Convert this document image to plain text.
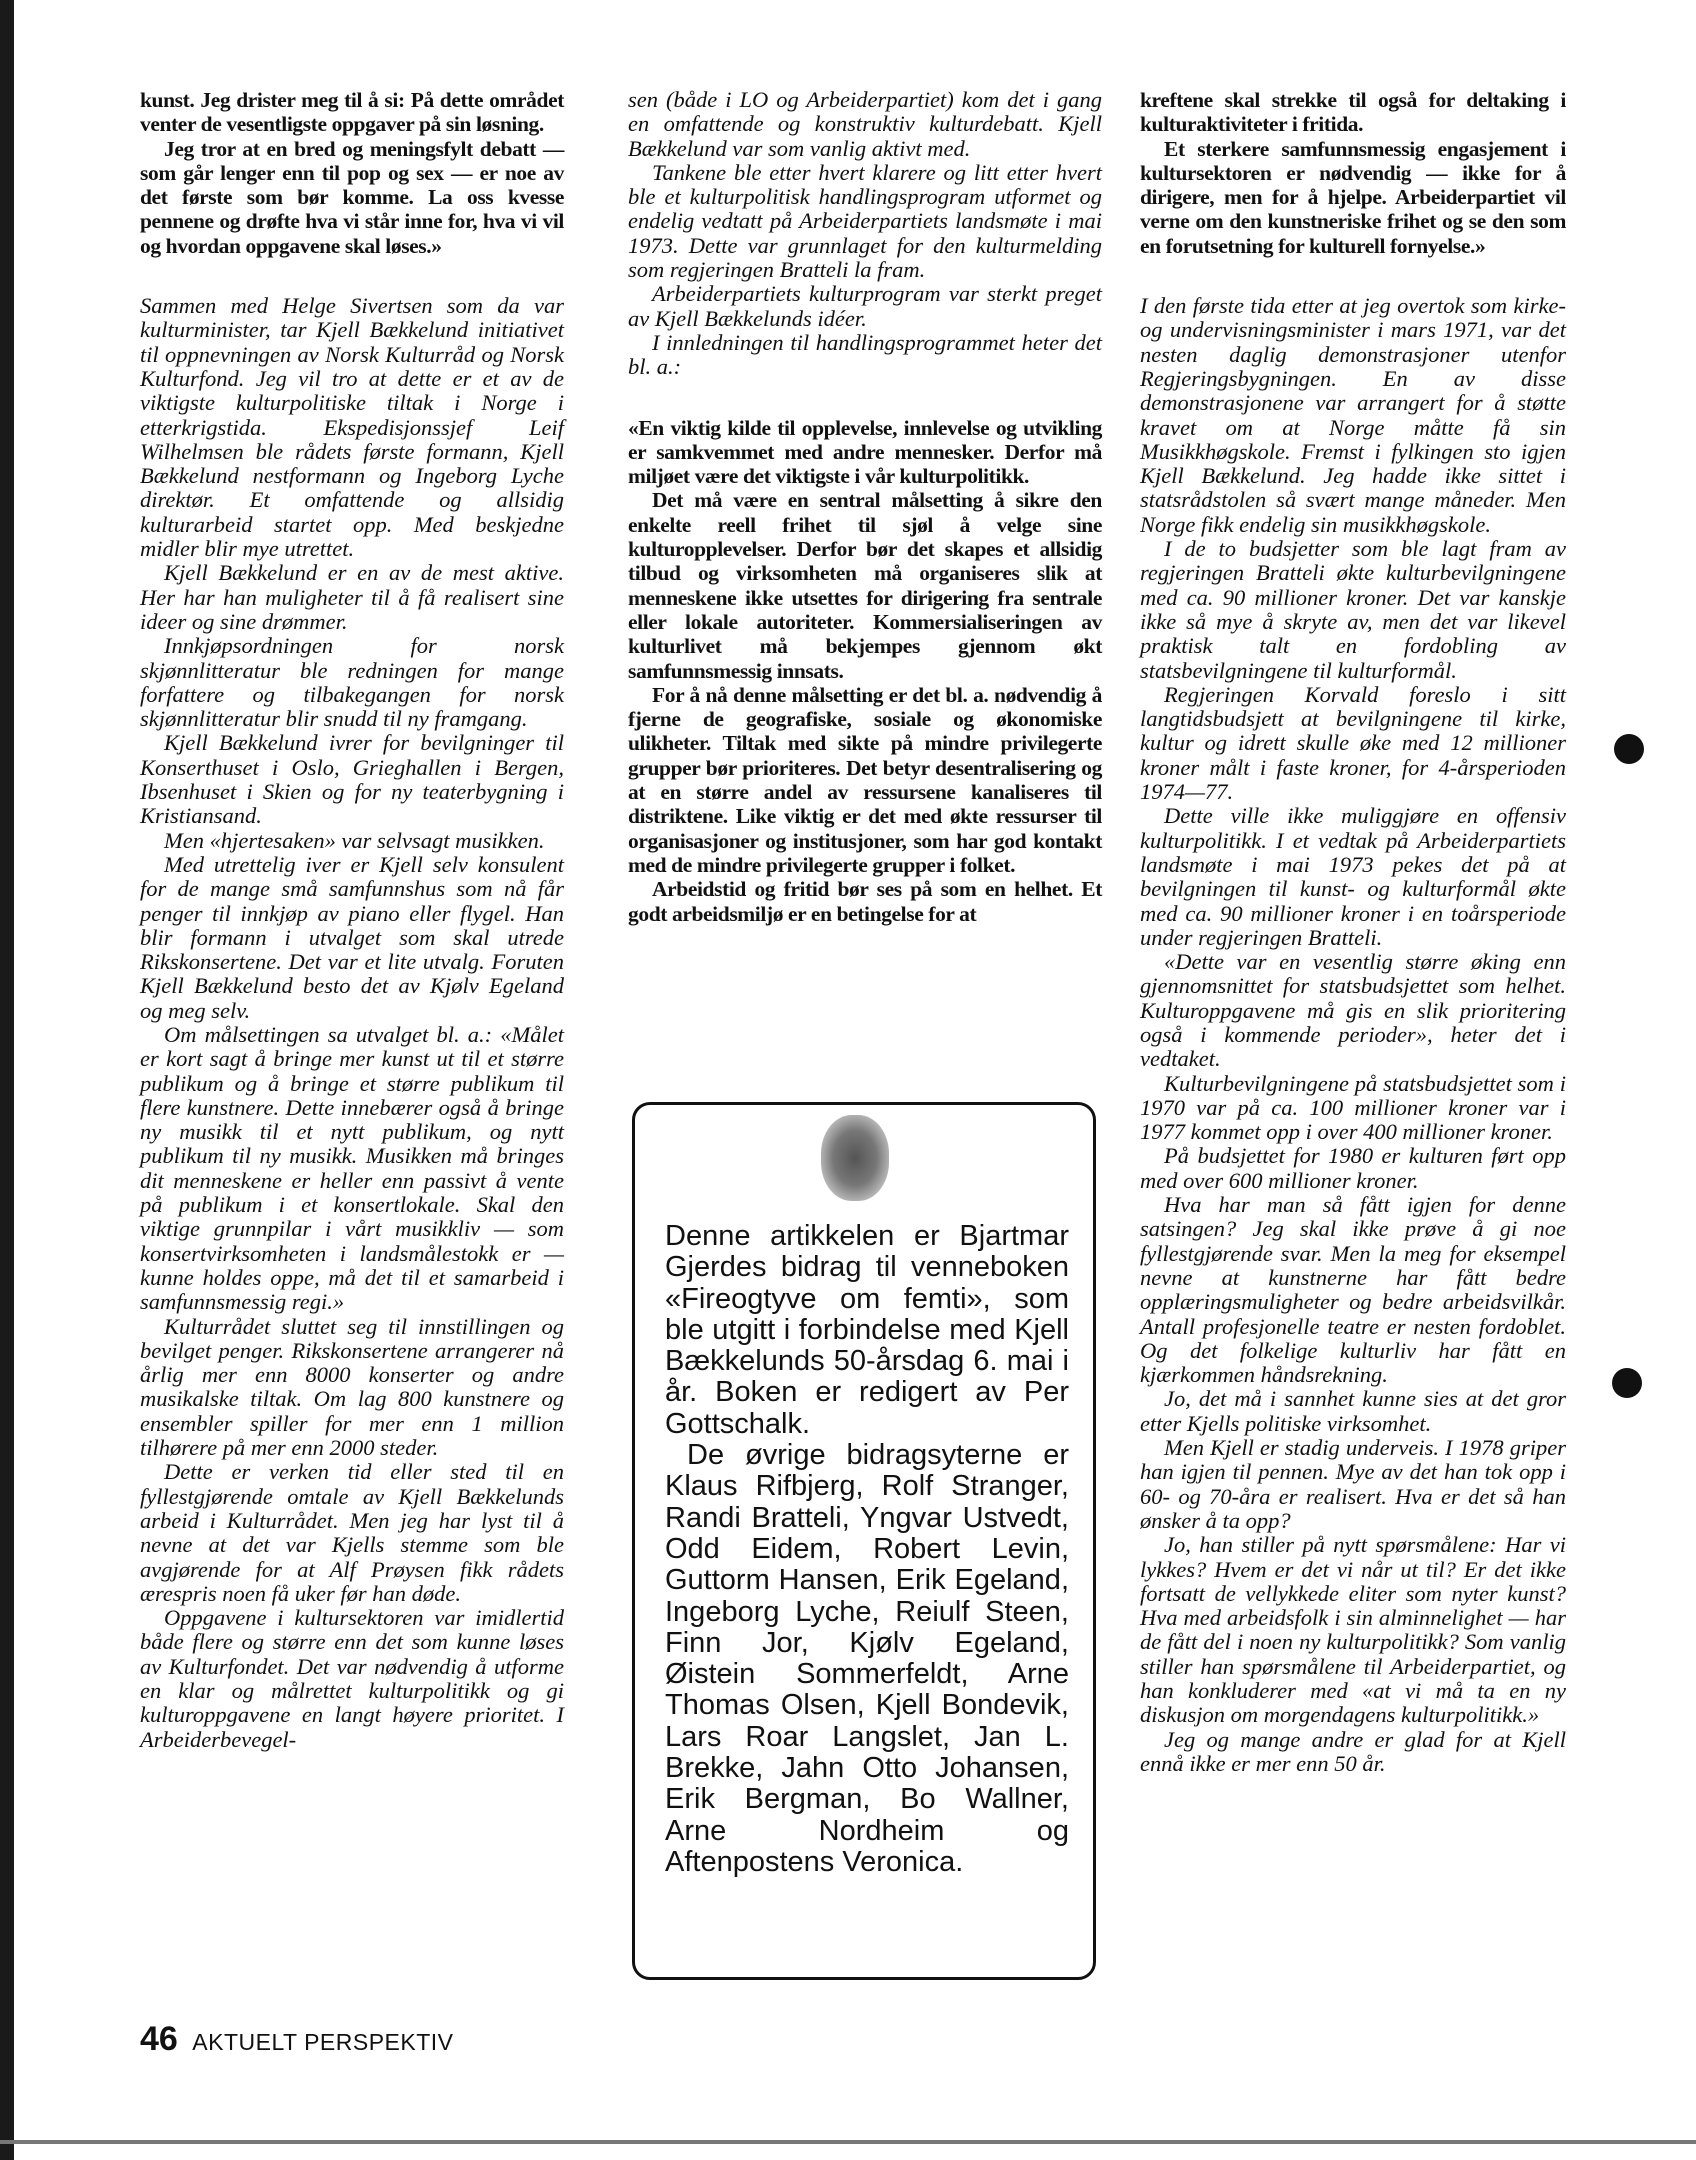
kunst. Jeg drister meg til å si: På dette området venter de vesentligste oppgaver på sin løsning.

Jeg tror at en bred og meningsfylt debatt — som går lenger enn til pop og sex — er noe av det første som bør komme. La oss kvesse pennene og drøfte hva vi står inne for, hva vi vil og hvordan oppgavene skal løses.»

Sammen med Helge Sivertsen som da var kulturminister, tar Kjell Bækkelund initiativet til oppnevningen av Norsk Kulturråd og Norsk Kulturfond. Jeg vil tro at dette er et av de viktigste kulturpolitiske tiltak i Norge i etterkrigstida. Ekspedisjonssjef Leif Wilhelmsen ble rådets første formann, Kjell Bækkelund nestformann og Ingeborg Lyche direktør. Et omfattende og allsidig kulturarbeid startet opp. Med beskjedne midler blir mye utrettet.

Kjell Bækkelund er en av de mest aktive. Her har han muligheter til å få realisert sine ideer og sine drømmer.

Innkjøpsordningen for norsk skjønnlitteratur ble redningen for mange forfattere og tilbakegangen for norsk skjønnlitteratur blir snudd til ny framgang.

Kjell Bækkelund ivrer for bevilgninger til Konserthuset i Oslo, Grieghallen i Bergen, Ibsenhuset i Skien og for ny teaterbygning i Kristiansand.

Men «hjertesaken» var selvsagt musikken.

Med utrettelig iver er Kjell selv konsulent for de mange små samfunnshus som nå får penger til innkjøp av piano eller flygel. Han blir formann i utvalget som skal utrede Rikskonsertene. Det var et lite utvalg. Foruten Kjell Bækkelund besto det av Kjølv Egeland og meg selv.

Om målsettingen sa utvalget bl. a.: «Målet er kort sagt å bringe mer kunst ut til et større publikum og å bringe et større publikum til flere kunstnere. Dette innebærer også å bringe ny musikk til et nytt publikum, og nytt publikum til ny musikk. Musikken må bringes dit menneskene er heller enn passivt å vente på publikum i et konsertlokale. Skal den viktige grunnpilar i vårt musikkliv — som konsertvirksomheten i landsmålestokk er — kunne holdes oppe, må det til et samarbeid i samfunnsmessig regi.»

Kulturrådet sluttet seg til innstillingen og bevilget penger. Rikskonsertene arrangerer nå årlig mer enn 8000 konserter og andre musikalske tiltak. Om lag 800 kunstnere og ensembler spiller for mer enn 1 million tilhørere på mer enn 2000 steder.

Dette er verken tid eller sted til en fyllestgjørende omtale av Kjell Bækkelunds arbeid i Kulturrådet. Men jeg har lyst til å nevne at det var Kjells stemme som ble avgjørende for at Alf Prøysen fikk rådets ærespris noen få uker før han døde.

Oppgavene i kultursektoren var imidlertid både flere og større enn det som kunne løses av Kulturfondet. Det var nødvendig å utforme en klar og målrettet kulturpolitikk og gi kulturoppgavene en langt høyere prioritet. I Arbeiderbevegel-

sen (både i LO og Arbeiderpartiet) kom det i gang en omfattende og konstruktiv kulturdebatt. Kjell Bækkelund var som vanlig aktivt med.

Tankene ble etter hvert klarere og litt etter hvert ble et kulturpolitisk handlingsprogram utformet og endelig vedtatt på Arbeiderpartiets landsmøte i mai 1973. Dette var grunnlaget for den kulturmelding som regjeringen Bratteli la fram.

Arbeiderpartiets kulturprogram var sterkt preget av Kjell Bækkelunds idéer.

I innledningen til handlingsprogrammet heter det bl. a.:

«En viktig kilde til opplevelse, innlevelse og utvikling er samkvemmet med andre mennesker. Derfor må miljøet være det viktigste i vår kulturpolitikk.

Det må være en sentral målsetting å sikre den enkelte reell frihet til sjøl å velge sine kulturopplevelser. Derfor bør det skapes et allsidig tilbud og virksomheten må organiseres slik at menneskene ikke utsettes for dirigering fra sentrale eller lokale autoriteter. Kommersialiseringen av kulturlivet må bekjempes gjennom økt samfunnsmessig innsats.

For å nå denne målsetting er det bl. a. nødvendig å fjerne de geografiske, sosiale og økonomiske ulikheter. Tiltak med sikte på mindre privilegerte grupper bør prioriteres. Det betyr desentralisering og at en større andel av ressursene kanaliseres til distriktene. Like viktig er det med økte ressurser til organisasjoner og institusjoner, som har god kontakt med de mindre privilegerte grupper i folket.

Arbeidstid og fritid bør ses på som en helhet. Et godt arbeidsmiljø er en betingelse for at

Denne artikkelen er Bjartmar Gjerdes bidrag til venneboken «Fireogtyve om femti», som ble utgitt i forbindelse med Kjell Bækkelunds 50-årsdag 6. mai i år. Boken er redigert av Per Gottschalk.

De øvrige bidragsyterne er Klaus Rifbjerg, Rolf Stranger, Randi Bratteli, Yngvar Ustvedt, Odd Eidem, Robert Levin, Guttorm Hansen, Erik Egeland, Ingeborg Lyche, Reiulf Steen, Finn Jor, Kjølv Egeland, Øistein Sommerfeldt, Arne Thomas Olsen, Kjell Bondevik, Lars Roar Langslet, Jan L. Brekke, Jahn Otto Johansen, Erik Bergman, Bo Wallner, Arne Nordheim og Aftenpostens Veronica.

kreftene skal strekke til også for deltaking i kulturaktiviteter i fritida.

Et sterkere samfunnsmessig engasjement i kultursektoren er nødvendig — ikke for å dirigere, men for å hjelpe. Arbeiderpartiet vil verne om den kunstneriske frihet og se den som en forutsetning for kulturell fornyelse.»

I den første tida etter at jeg overtok som kirke- og undervisningsminister i mars 1971, var det nesten daglig demonstrasjoner utenfor Regjeringsbygningen. En av disse demonstrasjonene var arrangert for å støtte kravet om at Norge måtte få sin Musikkhøgskole. Fremst i fylkingen sto igjen Kjell Bækkelund. Jeg hadde ikke sittet i statsrådstolen så svært mange måneder. Men Norge fikk endelig sin musikkhøgskole.

I de to budsjetter som ble lagt fram av regjeringen Bratteli økte kulturbevilgningene med ca. 90 millioner kroner. Det var kanskje ikke så mye å skryte av, men det var likevel praktisk talt en fordobling av statsbevilgningene til kulturformål.

Regjeringen Korvald foreslo i sitt langtidsbudsjett at bevilgningene til kirke, kultur og idrett skulle øke med 12 millioner kroner målt i faste kroner, for 4-årsperioden 1974—77.

Dette ville ikke muliggjøre en offensiv kulturpolitikk. I et vedtak på Arbeiderpartiets landsmøte i mai 1973 pekes det på at bevilgningen til kunst- og kulturformål økte med ca. 90 millioner kroner i en toårsperiode under regjeringen Bratteli.

«Dette var en vesentlig større øking enn gjennomsnittet for statsbudsjettet som helhet. Kulturoppgavene må gis en slik prioritering også i kommende perioder», heter det i vedtaket.

Kulturbevilgningene på statsbudsjettet som i 1970 var på ca. 100 millioner kroner var i 1977 kommet opp i over 400 millioner kroner.

På budsjettet for 1980 er kulturen ført opp med over 600 millioner kroner.

Hva har man så fått igjen for denne satsingen? Jeg skal ikke prøve å gi noe fyllestgjørende svar. Men la meg for eksempel nevne at kunstnerne har fått bedre opplæringsmuligheter og bedre arbeidsvilkår. Antall profesjonelle teatre er nesten fordoblet. Og det folkelige kulturliv har fått en kjærkommen håndsrekning.

Jo, det må i sannhet kunne sies at det gror etter Kjells politiske virksomhet.

Men Kjell er stadig underveis. I 1978 griper han igjen til pennen. Mye av det han tok opp i 60- og 70-åra er realisert. Hva er det så han ønsker å ta opp?

Jo, han stiller på nytt spørsmålene: Har vi lykkes? Hvem er det vi når ut til? Er det ikke fortsatt de vellykkede eliter som nyter kunst? Hva med arbeidsfolk i sin alminnelighet — har de fått del i noen ny kulturpolitikk? Som vanlig stiller han spørsmålene til Arbeiderpartiet, og han konkluderer med «at vi må ta en ny diskusjon om morgendagens kulturpolitikk.»

Jeg og mange andre er glad for at Kjell ennå ikke er mer enn 50 år.

46 AKTUELT PERSPEKTIV
